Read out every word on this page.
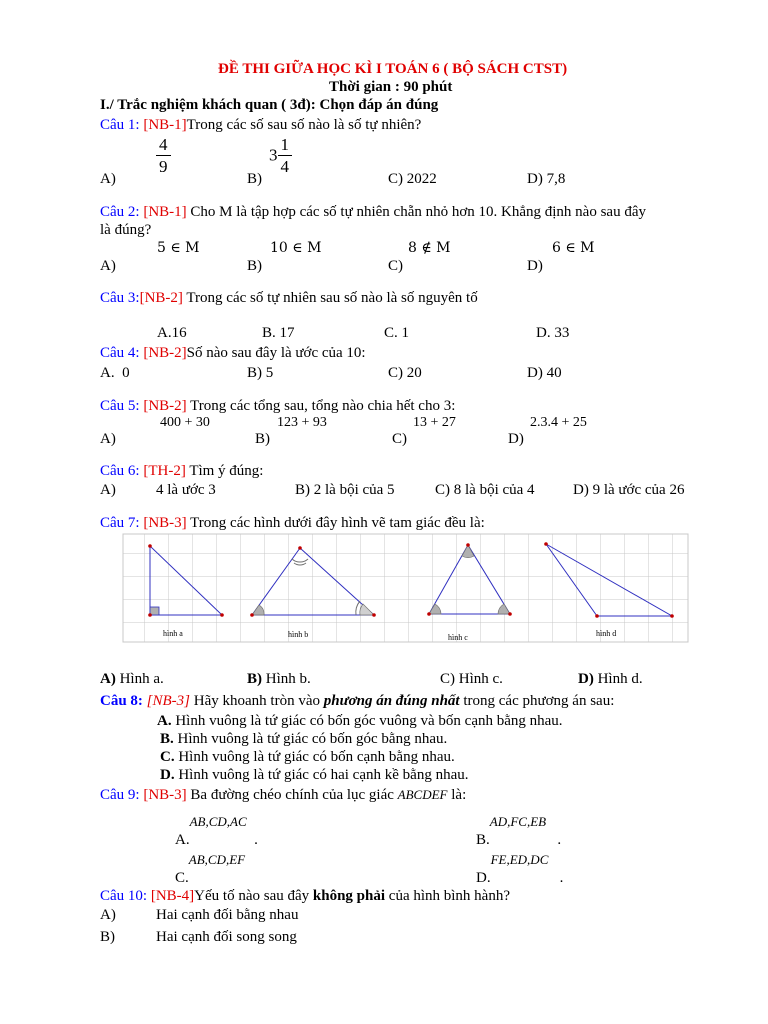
ĐỀ THI GIỮA HỌC KÌ I TOÁN 6 ( BỘ SÁCH CTST)
Thời gian : 90 phút
I./ Trắc nghiệm khách quan ( 3đ): Chọn đáp án đúng
Câu 1: [NB-1]Trong các số sau số nào là số tự nhiên?
$\frac{4}{9}$	$3 \frac{1}{4}$
A)	B)	C) 2022	D) 7,8
Câu 2: [NB-1] Cho M là tập hợp các số tự nhiên chẵn nhỏ hơn 10. Khẳng định nào sau đây
là đúng?
5 ∈ M	10 ∈ M	8 ∉ M	6 ∈ M
A)	B)	C)	D)
Câu 3:[NB-2] Trong các số tự nhiên sau số nào là số nguyên tố
A.16	B. 17	C. 1	D. 33
Câu 4: [NB-2]Số nào sau đây là ước của 10:
A.  0	B) 5	C) 20	D) 40
Câu 5: [NB-2] Trong các tổng sau, tổng nào chia hết cho 3:
400 + 30	123 + 93	13 + 27	2.3.4 + 25
A)	B)	C)	D)
Câu 6: [TH-2] Tìm ý đúng:
A)	4 là ước 3	B) 2 là bội của 5	C) 8 là bội của 4	D) 9 là ước của 26
Câu 7: [NB-3] Trong các hình dưới đây hình vẽ tam giác đều là:
hình a	hình b	hình c	hình d
A) Hình a.	B) Hình b.	C) Hình c.	D) Hình d.
Câu 8: [NB-3] Hãy khoanh tròn vào phương án đúng nhất trong các phương án sau:
A. Hình vuông là tứ giác có bốn góc vuông và bốn cạnh bằng nhau.
B. Hình vuông là tứ giác có bốn góc bằng nhau.
C. Hình vuông là tứ giác có bốn cạnh bằng nhau.
D. Hình vuông là tứ giác có hai cạnh kề bằng nhau.
Câu 9: [NB-3] Ba đường chéo chính của lục giác ABCDEF là:
A.AB,CD,AC  .	B.AD,FC,EB   .
C.AB,CD,EF
D.FE,ED,DC   .
Câu 10: [NB-4]Yếu tố nào sau đây không phải của hình bình hành?
A)	Hai cạnh đối bằng nhau
B)	Hai cạnh đối song song
